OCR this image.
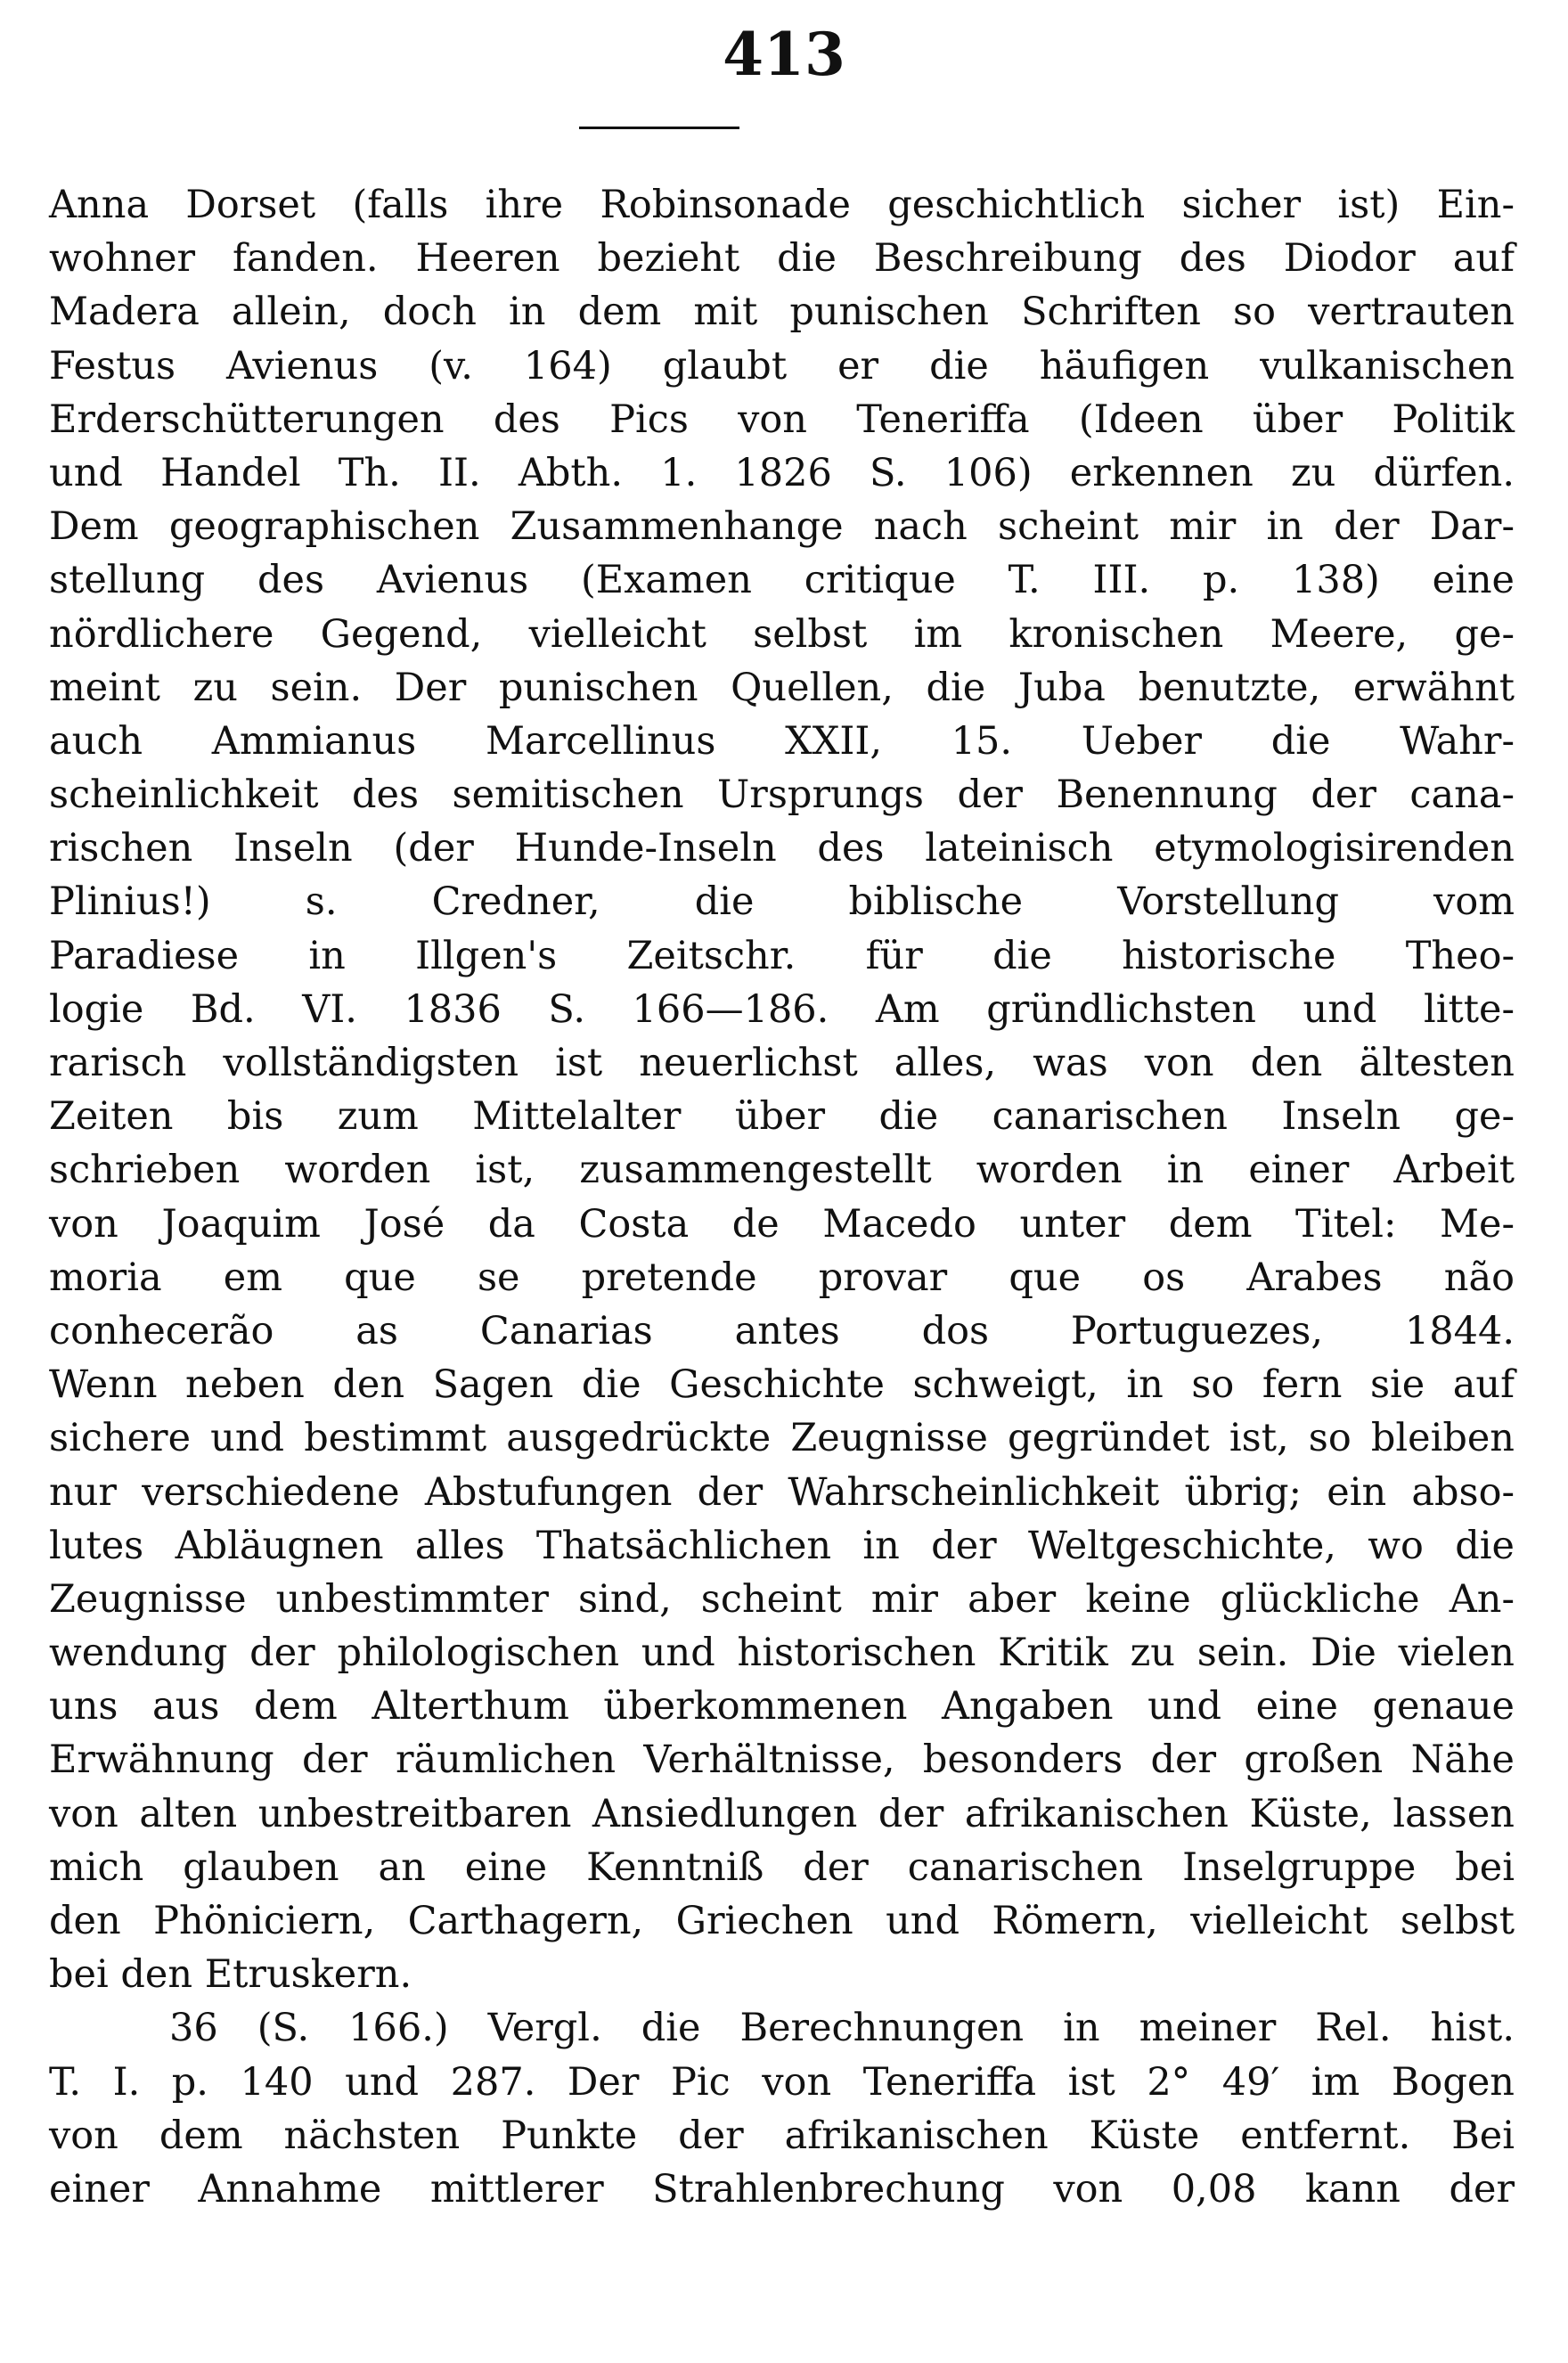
413
Anna Dorset (falls ihre Robinsonade geschichtlich sicher ist) Ein-
wohner fanden. Heeren bezieht die Beschreibung des Diodor auf
Madera allein, doch in dem mit punischen Schriften so vertrauten
Festus Avienus (v. 164) glaubt er die häufigen vulkanischen
Erderschütterungen des Pics von Teneriffa (Ideen über Politik
und Handel Th. II. Abth. 1. 1826 S. 106) erkennen zu dürfen.
Dem geographischen Zusammenhange nach scheint mir in der Dar-
stellung des Avienus (Examen critique T. III. p. 138) eine
nördlichere Gegend, vielleicht selbst im kronischen Meere, ge-
meint zu sein. Der punischen Quellen, die Juba benutzte, erwähnt
auch Ammianus Marcellinus XXII, 15. Ueber die Wahr-
scheinlichkeit des semitischen Ursprungs der Benennung der cana-
rischen Inseln (der Hunde-Inseln des lateinisch etymologisirenden
Plinius!) s. Credner, die biblische Vorstellung vom
Paradiese in Illgen's Zeitschr. für die historische Theo-
logie Bd. VI. 1836 S. 166—186. Am gründlichsten und litte-
rarisch vollständigsten ist neuerlichst alles, was von den ältesten
Zeiten bis zum Mittelalter über die canarischen Inseln ge-
schrieben worden ist, zusammengestellt worden in einer Arbeit
von Joaquim José da Costa de Macedo unter dem Titel: Me-
moria em que se pretende provar que os Arabes não
conhecerão as Canarias antes dos Portuguezes, 1844.
Wenn neben den Sagen die Geschichte schweigt, in so fern sie auf
sichere und bestimmt ausgedrückte Zeugnisse gegründet ist, so bleiben
nur verschiedene Abstufungen der Wahrscheinlichkeit übrig; ein abso-
lutes Abläugnen alles Thatsächlichen in der Weltgeschichte, wo die
Zeugnisse unbestimmter sind, scheint mir aber keine glückliche An-
wendung der philologischen und historischen Kritik zu sein. Die vielen
uns aus dem Alterthum überkommenen Angaben und eine genaue
Erwähnung der räumlichen Verhältnisse, besonders der großen Nähe
von alten unbestreitbaren Ansiedlungen der afrikanischen Küste, lassen
mich glauben an eine Kenntniß der canarischen Inselgruppe bei
den Phöniciern, Carthagern, Griechen und Römern, vielleicht selbst
bei den Etruskern.
36 (S. 166.) Vergl. die Berechnungen in meiner Rel. hist.
T. I. p. 140 und 287. Der Pic von Teneriffa ist 2° 49′ im Bogen
von dem nächsten Punkte der afrikanischen Küste entfernt. Bei
einer Annahme mittlerer Strahlenbrechung von 0,08 kann der
